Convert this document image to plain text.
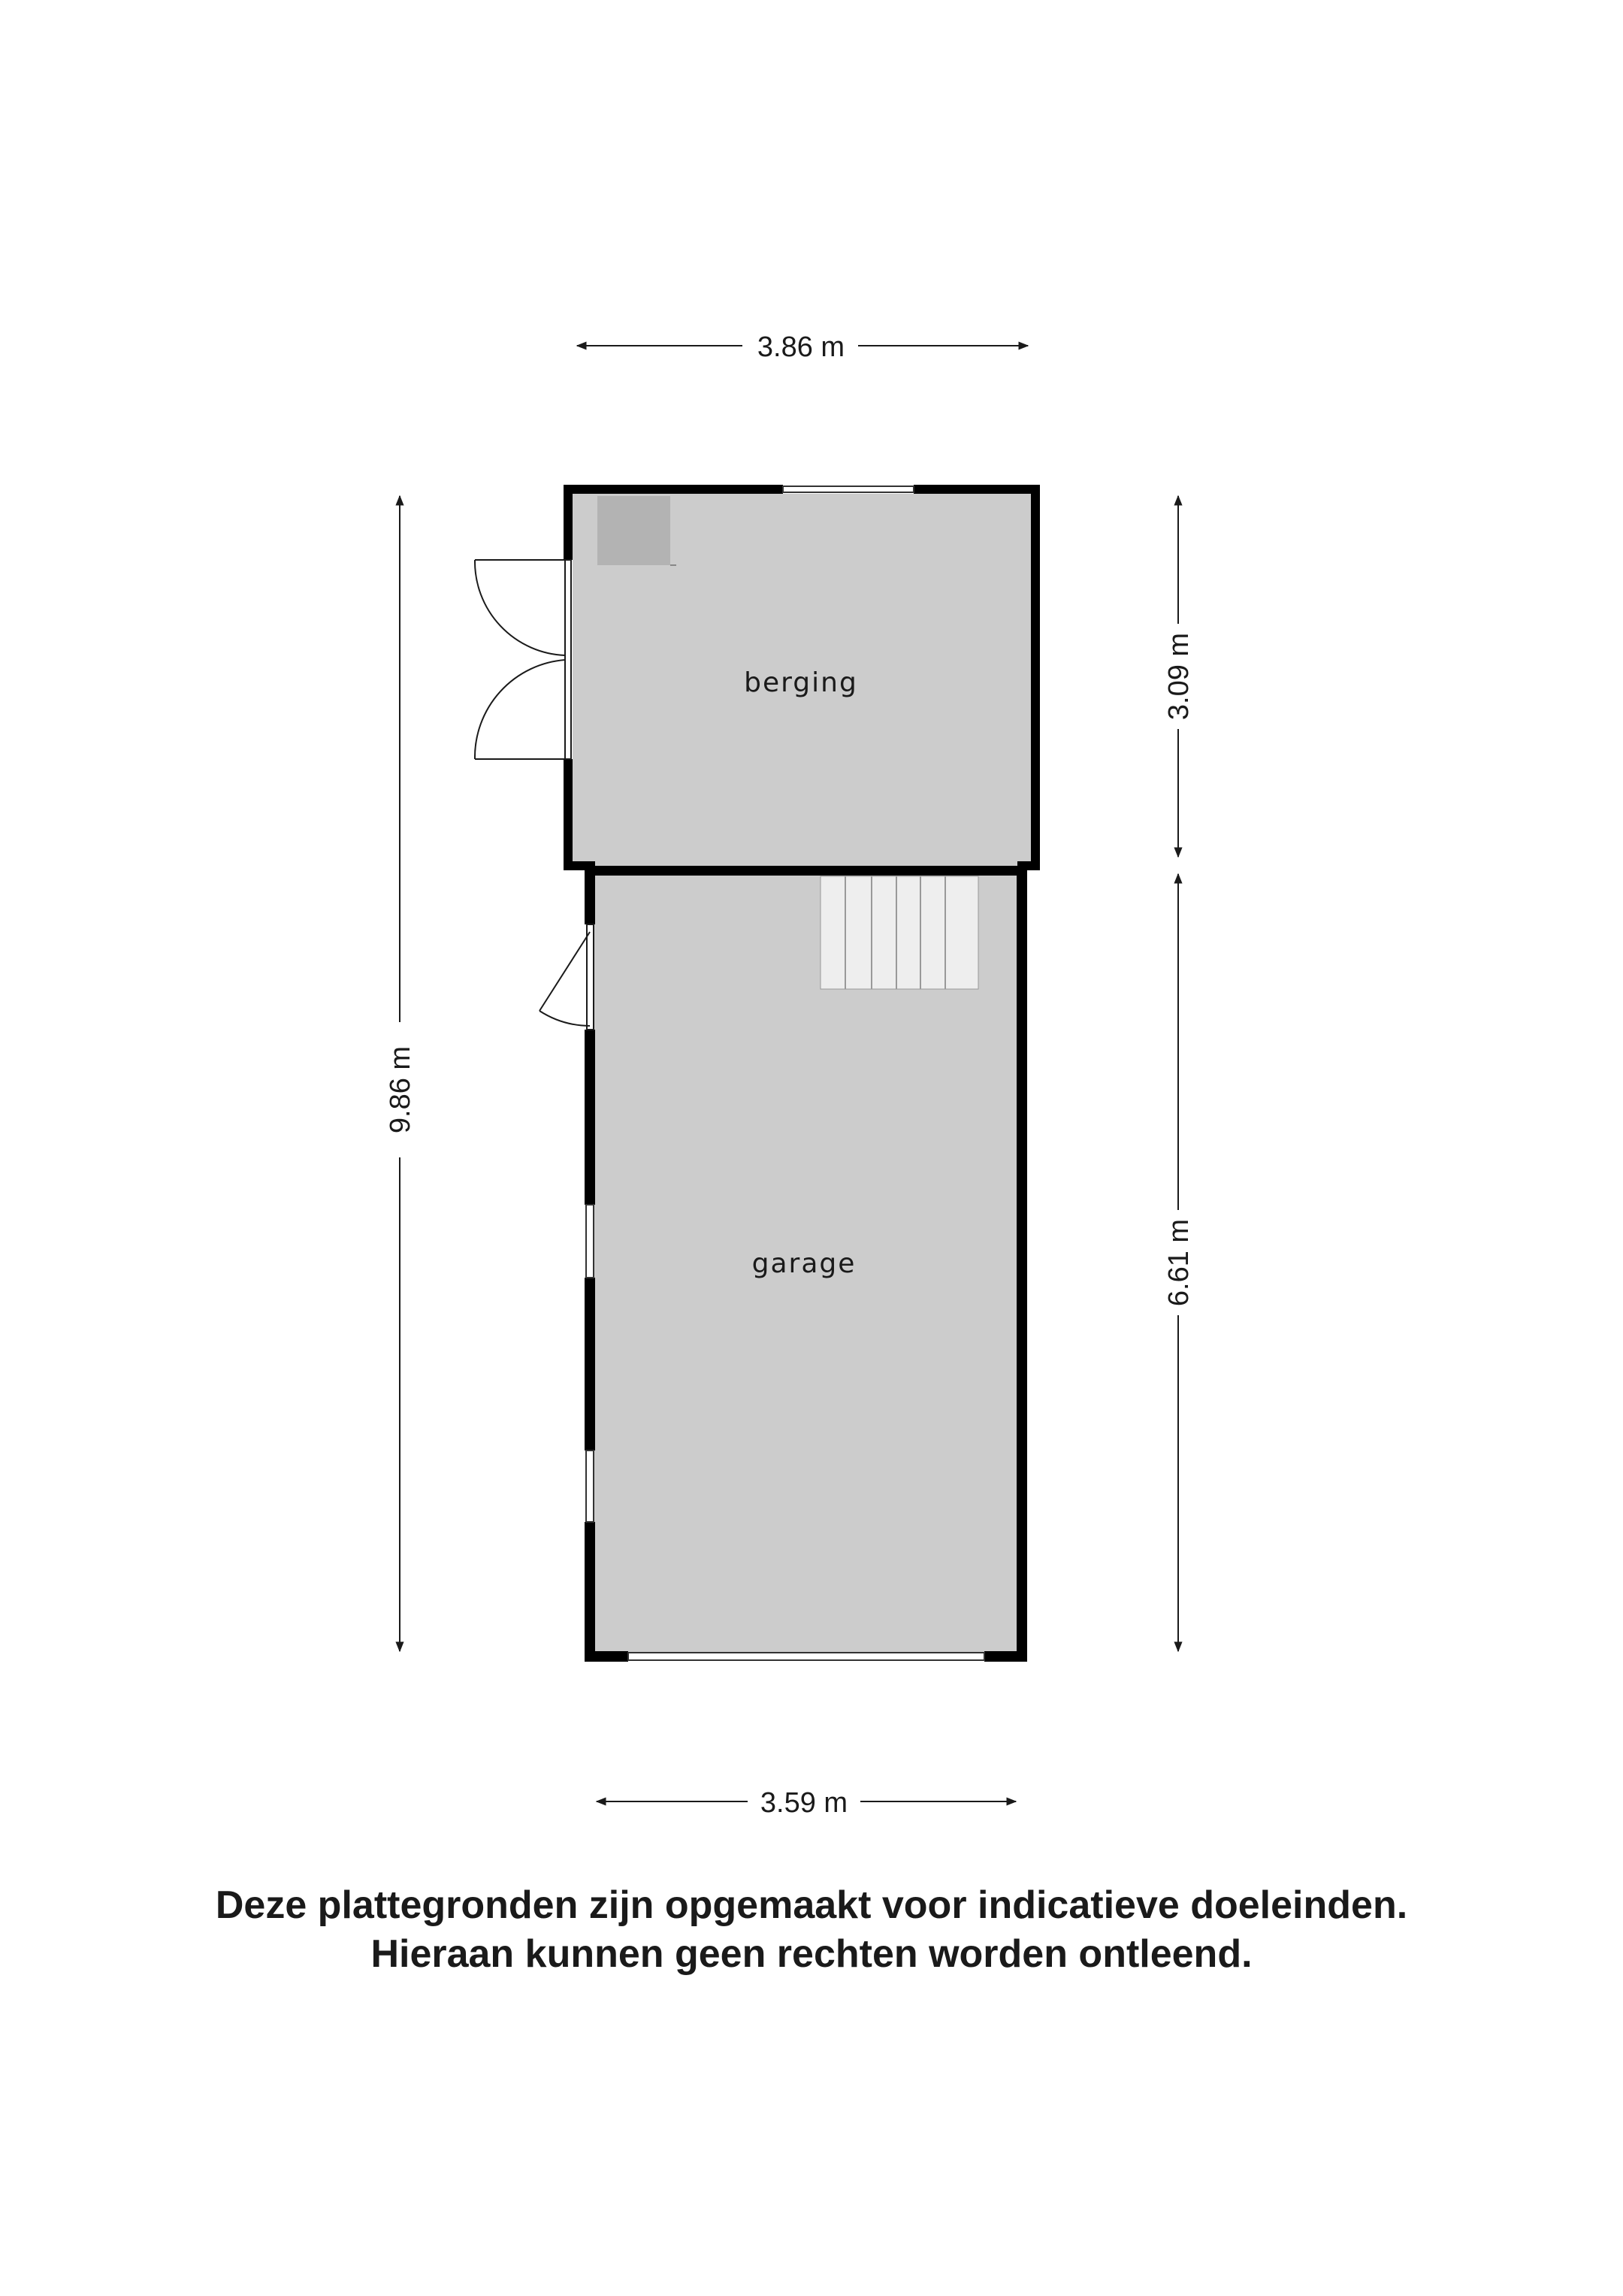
3.86 m
3.59 m
9.86 m
3.09 m
6.61 m
berging
garage
Deze plattegronden zijn opgemaakt voor indicatieve doeleinden.
Hieraan kunnen geen rechten worden ontleend.
